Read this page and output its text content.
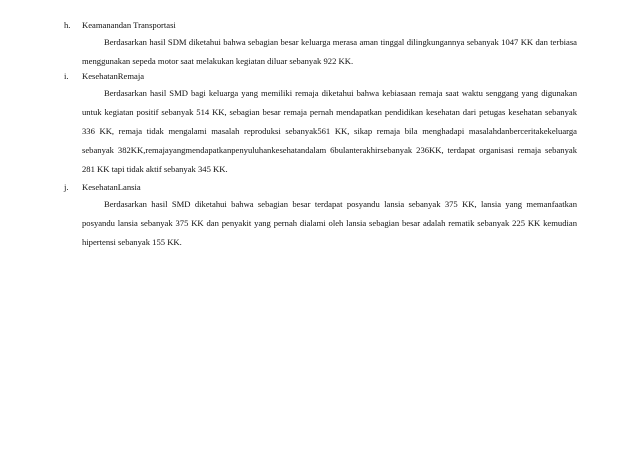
h. Keamanandan Transportasi

Berdasarkan hasil SDM diketahui bahwa sebagian besar keluarga merasa aman tinggal dilingkungannya sebanyak 1047 KK dan terbiasa menggunakan sepeda motor saat melakukan kegiatan diluar sebanyak 922 KK.

i. KesehatanRemaja

Berdasarkan hasil SMD bagi keluarga yang memiliki remaja diketahui bahwa kebiasaan remaja saat waktu senggang yang digunakan untuk kegiatan positif sebanyak 514 KK, sebagian besar remaja pernah mendapatkan pendidikan kesehatan dari petugas kesehatan sebanyak 336 KK, remaja tidak mengalami masalah reproduksi sebanyak561 KK, sikap remaja bila menghadapi masalahdanberceritakekeluarga sebanyak 382KK,remajayangmendapatkanpenyuluhankesehatandalam 6bulanterakhirsebanyak 236KK, terdapat organisasi remaja sebanyak 281 KK tapi tidak aktif sebanyak 345 KK.

j. KesehatanLansia

Berdasarkan hasil SMD diketahui bahwa sebagian besar terdapat posyandu lansia sebanyak 375 KK, lansia yang memanfaatkan posyandu lansia sebanyak 375 KK dan penyakit yang pernah dialami oleh lansia sebagian besar adalah rematik sebanyak 225 KK kemudian hipertensi sebanyak 155 KK.
